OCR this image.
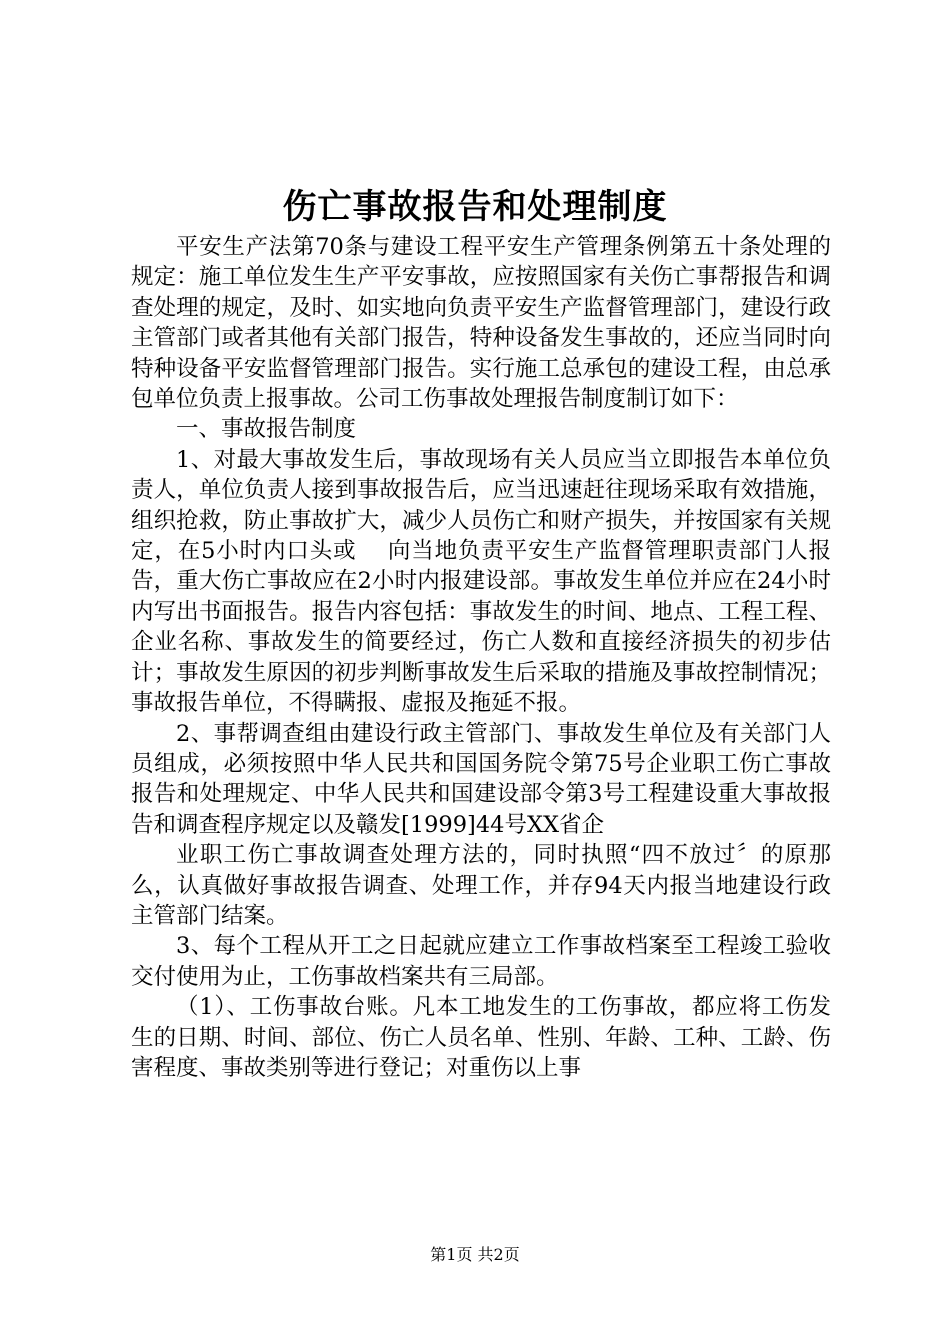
伤亡事故报告和处理制度

平安生产法第70条与建设工程平安生产管理条例第五十条处理的规定：施工单位发生生产平安事故，应按照国家有关伤亡事帮报告和调查处理的规定，及时、如实地向负责平安生产监督管理部门，建设行政主管部门或者其他有关部门报告，特种设备发生事故的，还应当同时向特种设备平安监督管理部门报告。实行施工总承包的建设工程，由总承包单位负责上报事故。公司工伤事故处理报告制度制订如下：

一、事故报告制度

1、对最大事故发生后，事故现场有关人员应当立即报告本单位负责人，单位负责人接到事故报告后，应当迅速赶往现场采取有效措施，组织抢救，防止事故扩大，减少人员伤亡和财产损失，并按国家有关规定，在5小时内口头或　 向当地负责平安生产监督管理职责部门人报告，重大伤亡事故应在2小时内报建设部。事故发生单位并应在24小时内写出书面报告。报告内容包括：事故发生的时间、地点、工程工程、企业名称、事故发生的简要经过，伤亡人数和直接经济损失的初步估计；事故发生原因的初步判断事故发生后采取的措施及事故控制情况；事故报告单位，不得瞒报、虚报及拖延不报。

2、事帮调查组由建设行政主管部门、事故发生单位及有关部门人员组成，必须按照中华人民共和国国务院令第75号企业职工伤亡事故报告和处理规定、中华人民共和国建设部令第3号工程建设重大事故报告和调查程序规定以及赣发[1999]44号XX省企

业职工伤亡事故调查处理方法的，同时执照“四不放过〞的原那么，认真做好事故报告调查、处理工作，并存94天内报当地建设行政主管部门结案。

3、每个工程从开工之日起就应建立工作事故档案至工程竣工验收交付使用为止，工伤事故档案共有三局部。

（1）、工伤事故台账。凡本工地发生的工伤事故，都应将工伤发生的日期、时间、部位、伤亡人员名单、性别、年龄、工种、工龄、伤害程度、事故类别等进行登记；对重伤以上事

第1页 共2页
